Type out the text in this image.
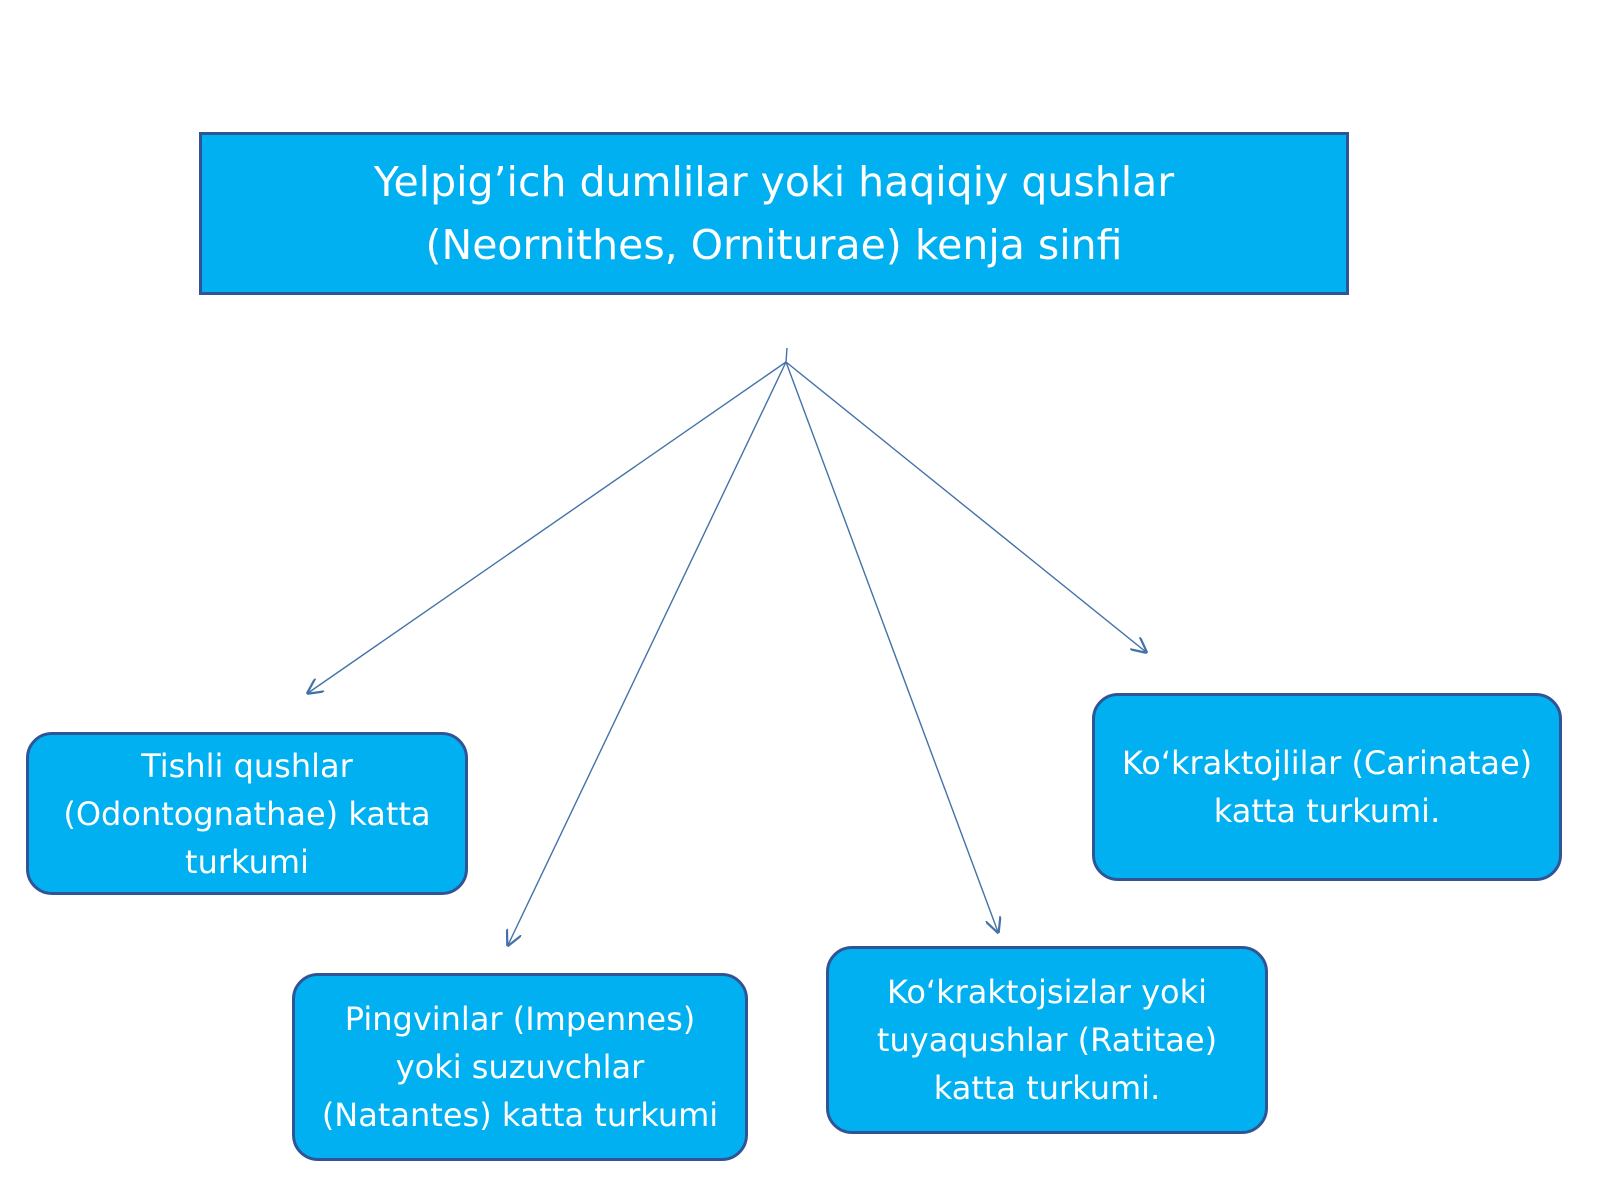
Yelpig’ich dumlilar yoki haqiqiy qushlar
(Neornithes, Orniturae) kenja sinfi
Tishli qushlar
(Odontognathae) katta
turkumi
Pingvinlar (Impennes)
yoki suzuvchlar
(Natantes) katta turkumi
Koʻkraktojsizlar yoki
tuyaqushlar (Ratitae)
katta turkumi.
Koʻkraktojlilar (Carinatae)
katta turkumi.
